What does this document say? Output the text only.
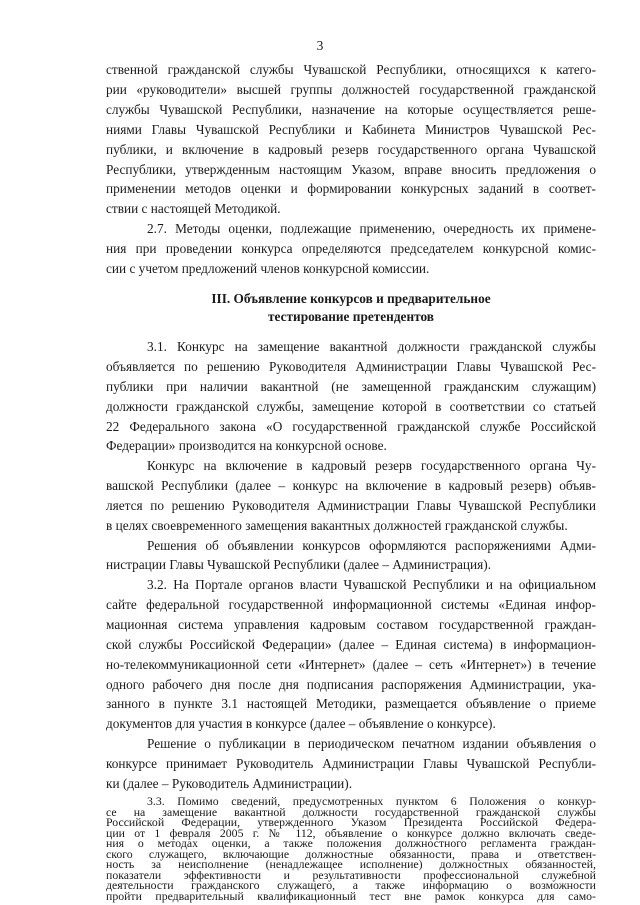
3
ственной гражданской службы Чувашской Республики, относящихся к катего-
рии «руководители» высшей группы должностей государственной гражданской
службы Чувашской Республики, назначение на которые осуществляется реше-
ниями Главы Чувашской Республики и Кабинета Министров Чувашской Рес-
публики, и включение в кадровый резерв государственного органа Чувашской
Республики, утвержденным настоящим Указом, вправе вносить предложения о
применении методов оценки и формировании конкурсных заданий в соответ-
ствии с настоящей Методикой.
2.7. Методы оценки, подлежащие применению, очередность их примене-
ния при проведении конкурса определяются председателем конкурсной комис-
сии с учетом предложений членов конкурсной комиссии.
III. Объявление конкурсов и предварительное
тестирование претендентов
3.1. Конкурс на замещение вакантной должности гражданской службы
объявляется по решению Руководителя Администрации Главы Чувашской Рес-
публики при наличии вакантной (не замещенной гражданским служащим)
должности гражданской службы, замещение которой в соответствии со статьей
22 Федерального закона «О государственной гражданской службе Российской
Федерации» производится на конкурсной основе.
Конкурс на включение в кадровый резерв государственного органа Чу-
вашской Республики (далее – конкурс на включение в кадровый резерв) объяв-
ляется по решению Руководителя Администрации Главы Чувашской Республики
в целях своевременного замещения вакантных должностей гражданской службы.
Решения об объявлении конкурсов оформляются распоряжениями Адми-
нистрации Главы Чувашской Республики (далее – Администрация).
3.2. На Портале органов власти Чувашской Республики и на официальном
сайте федеральной государственной информационной системы «Единая инфор-
мационная система управления кадровым составом государственной граждан-
ской службы Российской Федерации» (далее – Единая система) в информацион-
но-телекоммуникационной сети «Интернет» (далее – сеть «Интернет») в течение
одного рабочего дня после дня подписания распоряжения Администрации, ука-
занного в пункте 3.1 настоящей Методики, размещается объявление о приеме
документов для участия в конкурсе (далее – объявление о конкурсе).
Решение о публикации в периодическом печатном издании объявления о
конкурсе принимает Руководитель Администрации Главы Чувашской Республи-
ки (далее – Руководитель Администрации).
3.3. Помимо сведений, предусмотренных пунктом 6 Положения о конкур-
се на замещение вакантной должности государственной гражданской службы
Российской Федерации, утвержденного Указом Президента Российской Федера-
ции от 1 февраля 2005 г. № 112, объявление о конкурсе должно включать сведе-
ния о методах оценки, а также положения должностного регламента граждан-
ского служащего, включающие должностные обязанности, права и ответствен-
ность за неисполнение (ненадлежащее исполнение) должностных обязанностей,
показатели эффективности и результативности профессиональной служебной
деятельности гражданского служащего, а также информацию о возможности
пройти предварительный квалификационный тест вне рамок конкурса для само-
